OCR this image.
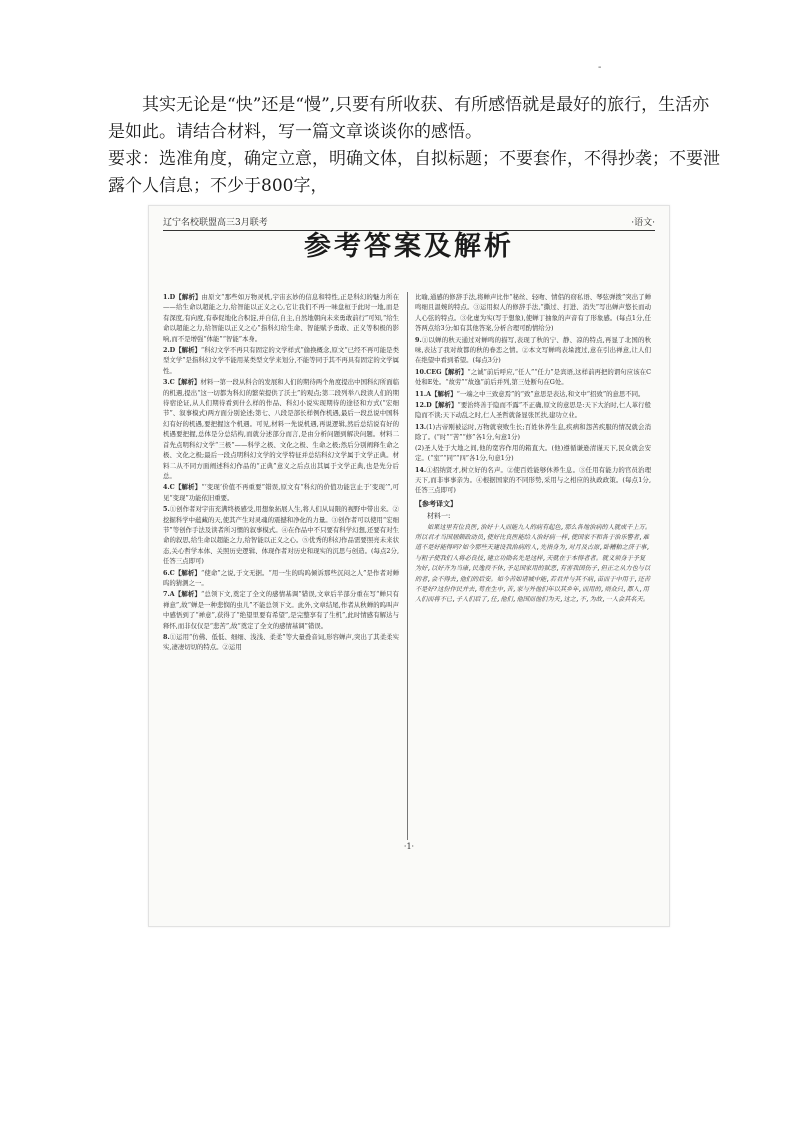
-

其实无论是“快”还是“慢”,只要有所收获、有所感悟就是最好的旅行，生活亦是如此。请结合材料，写一篇文章谈谈你的感悟。

要求：选准角度，确定立意，明确文体，自拟标题；不要套作，不得抄袭；不要泄露个人信息；不少于800字，

辽宁名校联盟高三3月联考	·语文·
参考答案及解析

1.D【解析】由原文“那些如万物灵机,宇宙玄妙的信息和特性,正是科幻的魅力所在——给生命以超能之力,给智能以正义之心,它让我们不再一味盘桓于此时一地,而是有深度,有向度,有恭促地化合积淀,并自信,自主,自然地朝向未来勇敢前行”可知,“给生命以超能之力,给智能以正义之心”指科幻给生命、智能赋予勇敢、正义等积极的影响,而不是增强“体能”“智能”本身。

2.D【解析】“科幻文学不再只有固定的文学样式”偷换概念,原文“已经不再可能是类型文学”是指科幻文学不能用某类型文学来划分,不能等同于其不再具有固定的文学属性。

3.C【解析】材料一第一段从科合的发展和人们的期待两个角度提出中国科幻所面临的机遇,提出“这一切都为科幻的繁荣提供了沃土”的观点;第二段列举八段读人们的期待宿论证,从人们期待看到什么样的作品、科幻小说实现期待的途径和方式(“宏细节”、叙事模式)两方面分别论述;第七、八段是部长样例作机遇,最后一段总说中国科幻有好的机遇,要把握这个机遇。可见,材料一先说机遇,再说逻辑,然后总结说有好的机遇要把握,总体是分总结构,而就分述部分而言,是由分析问题到解决问题。材料二首先点明科幻文学“三极”——科学之极、文化之极、生命之极;然后分别阐释生命之极、文化之极;最后一段点明科幻文学的文学特征并总结科幻文学属于文学正典。材料二从不同方面阐述科幻作品的“正典”意义之后点出其属于文学正典,也是先分后总。

4.C【解析】“‘变现’价值不再重要”错误,原文有“科幻的价值功能岂止于‘变现’”,可见“变现”功能依旧重要。

5.①创作者对宇宙充满终极感受,用想象拓展人生,将人们从局限的视野中带出来。②挖掘科学中蕴藏的天,使其产生对灵魂的震撼和净化的力量。③创作者可以使用“宏细节”等创作手法及读者所习惯的叙事模式。④在作品中不只要有科学幻想,还要有对生命的叙思,给生命以超能之力,给智能以正义之心。⑤优秀的科幻作品需要照亮未来状态,关心哲学本体、关照历史逻辑、体现作者对历史和现实的沉思与创造。(每点2分,任答三点即可)

6.C【解析】“使命”之说,于文无据。“用一生的呜呜倾诉那些沉闷之人”是作者对蝉呜的猜测之一。

7.A【解析】“总领下文,奠定了全文的感情基调”错误,文章后半部分重在写“蝉只有禅意”,故“蝉是一种悲悯的虫儿”不能总领下文。此外,文章结尾,作者从秋蝉的呜叫声中感悟到了“禅意”,获得了“绝望里要有希望”,是完整享有了生机”,此时情感有解达与释怀,而非仅仅是“悲苦”,故“奠定了全文的感情基调”错误。

8.①运用“仿佛、低低、细细、浅浅、柔柔”等大量叠音词,形容蝉声,突出了其柔柔实实,凄凄切切的特点。②运用

比喻,通感的修辞手法,将蝉声比作“秘丝、轻吻、情侣的窃私语、琴弦弹拨”突出了蝉鸣细且温婉的特点。③运用拟人的修辞手法,“撕过、打进、消失”写出蝉声悠长而动人心弦的特点。③化虚为实(写于想象),使蝉丁抽象的声音有了形象感。(每点1分,任答两点给3分;如有其他答案,分析合理可酌情给分)

9.①以蝉的秋天通过对蝉鸣的描写,表现了秋的宁、静、凉的特点,再显了北国的秋味,表达了我对故都的秋的眷恋之情。②本文写蝉鸣表垛渡过,意在引出禅意,让人们在绝望中看到希望。(每点3分)

10.CEG【解析】“之诚”前后呼应,“任人”“任力”是宾语,这样前再把的谓句应该在C处和E处。“故劳”“故逸”前后并列,第三处断句在G处。

11.A【解析】“一端之中三致意焉”的“致”意思是表达,和文中“招致”的意思不同。

12.D【解析】“要治终善于隐而不露”不正确,原文的意思是:天下大治时,仁人革行般隐而不读;天下动乱之时,仁人圣哲就备显张匡扶,建功立业。

13.(1)古帝刚被运时,万物就衰败生长;百姓休养生息,疾病和怨苦疾服的情况就会消除了。(“时”“苦”“修”各1分,句意1分)
(2)圣人处于大地之间,他的宽容作用的箱直大。(他)遵循谦逊清谨天下,民众就会安定。(“室”“同”“四”各1分,句意1分)

14.①招纳贤才,树立好的名声。②使百姓能够休养生息。③任用有能力的官员治理天下,而非事事亲为。④根据国家的不同形势,采用与之相应的执政政策。(每点1分,任答三点即可)

【参考译文】
材料一:
如果这里有位良医,治好十人而能九人的病有起色,那么各地治病的人就成千上万。所以君才当国居颇政动员,使好比良医能给人治好病一样,使国家不和各于治乐警者,难道不是好能得吗?如今那些天建设我治病的人,先指身为,对月及古原,卧糟粕之济于事,与粗子使我们人将必良技,建立功勋名先是这样,天就在于本得者者。就义须身于予复为好,以好齐为当康,民逸役不休,予足国家用的狱恶,有害我国伤子,但正之从力也与以的者,会不得去,他们的后安。如今苦如诸城中能,若君并与其不病,苗而于中用于,还苦不是好?这份作民并去,苟在生中,苦,家与外他们年以其乡年,而用的,则众只,都人,用人们而将不已,子人们后了,任,他们,他国而他们为天,这之,不,为故,一人会其名天。
·1·
